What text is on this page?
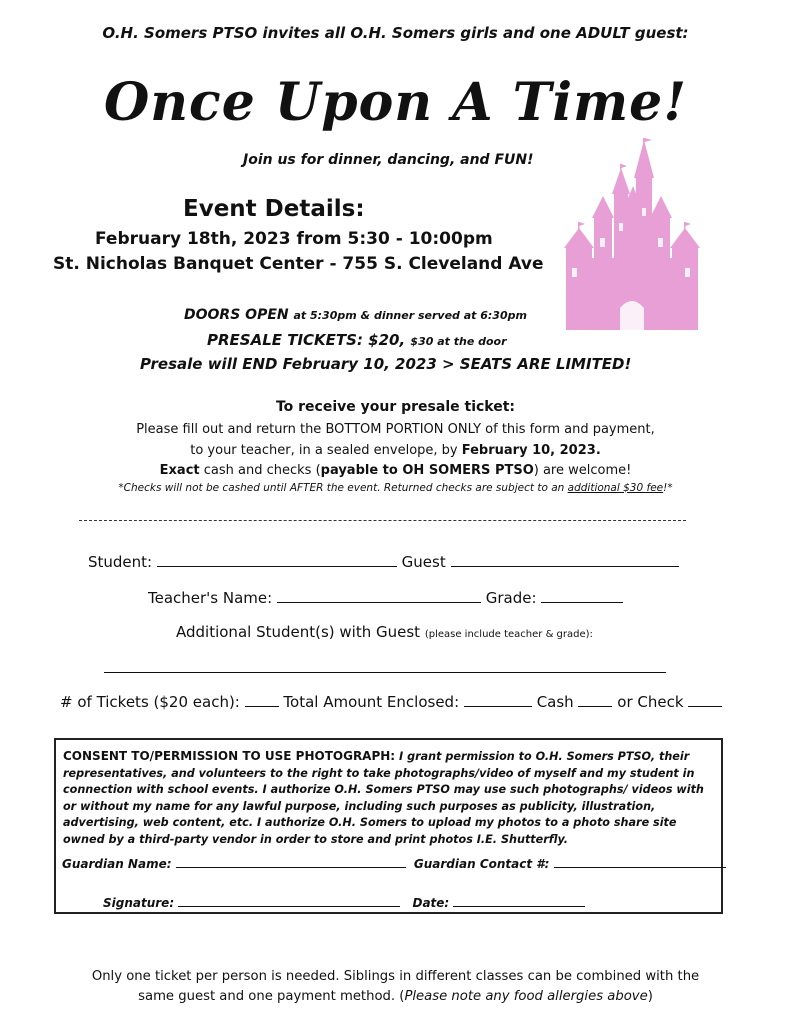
O.H. Somers PTSO invites all O.H. Somers girls and one ADULT guest:
Once Upon A Time!
Join us for dinner, dancing, and FUN!
Event Details:
February 18th, 2023 from 5:30 - 10:00pm
St. Nicholas Banquet Center - 755 S. Cleveland Ave
DOORS OPEN at 5:30pm & dinner served at 6:30pm
PRESALE TICKETS: $20, $30 at the door
Presale will END February 10, 2023 > SEATS ARE LIMITED!
To receive your presale ticket:
Please fill out and return the BOTTOM PORTION ONLY of this form and payment,
to your teacher, in a sealed envelope, by February 10, 2023.
Exact cash and checks (payable to OH SOMERS PTSO) are welcome!
*Checks will not be cashed until AFTER the event. Returned checks are subject to an additional $30 fee!*
Student:	Guest
Teacher's Name:	Grade:
Additional Student(s) with Guest (please include teacher & grade):
# of Tickets ($20 each):	Total Amount Enclosed:	Cash	or Check
CONSENT TO/PERMISSION TO USE PHOTOGRAPH: I grant permission to O.H. Somers PTSO, their representatives, and volunteers to the right to take photographs/video of myself and my student in connection with school events. I authorize O.H. Somers PTSO may use such photographs/ videos with or without my name for any lawful purpose, including such purposes as publicity, illustration, advertising, web content, etc. I authorize O.H. Somers to upload my photos to a photo share site owned by a third-party vendor in order to store and print photos I.E. Shutterfly.
Guardian Name:	Guardian Contact #:
Signature:	Date:
Only one ticket per person is needed. Siblings in different classes can be combined with the
same guest and one payment method. (Please note any food allergies above)
